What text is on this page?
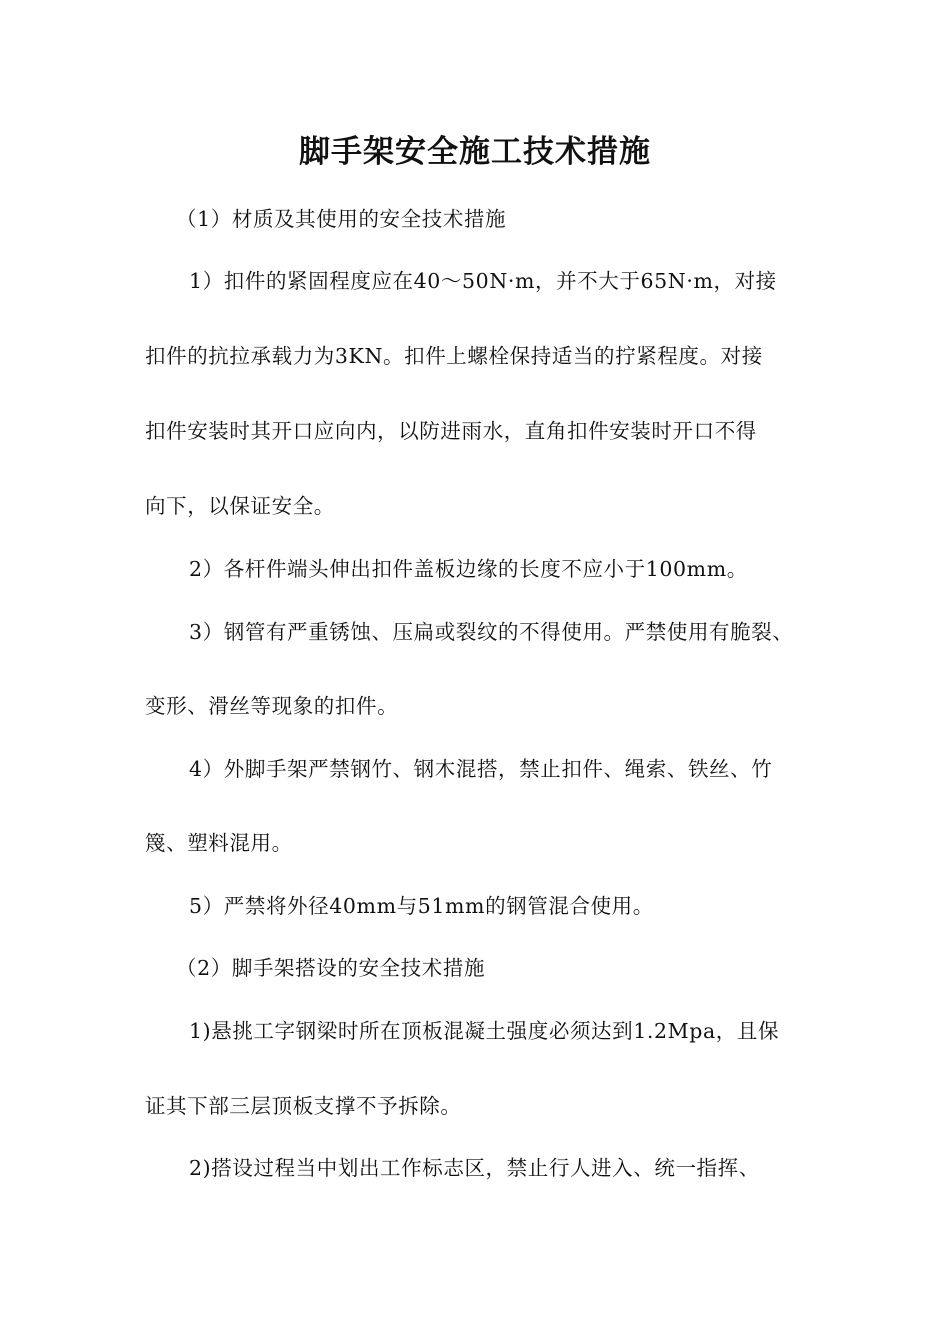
脚手架安全施工技术措施
（1）材质及其使用的安全技术措施
1）扣件的紧固程度应在40～50N·m，并不大于65N·m，对接
扣件的抗拉承载力为3KN。扣件上螺栓保持适当的拧紧程度。对接
扣件安装时其开口应向内，以防进雨水，直角扣件安装时开口不得
向下，以保证安全。
2）各杆件端头伸出扣件盖板边缘的长度不应小于100mm。
3）钢管有严重锈蚀、压扁或裂纹的不得使用。严禁使用有脆裂、
变形、滑丝等现象的扣件。
4）外脚手架严禁钢竹、钢木混搭，禁止扣件、绳索、铁丝、竹
篾、塑料混用。
5）严禁将外径40mm与51mm的钢管混合使用。
（2）脚手架搭设的安全技术措施
1)悬挑工字钢梁时所在顶板混凝土强度必须达到1.2Mpa，且保
证其下部三层顶板支撑不予拆除。
2)搭设过程当中划出工作标志区，禁止行人进入、统一指挥、
